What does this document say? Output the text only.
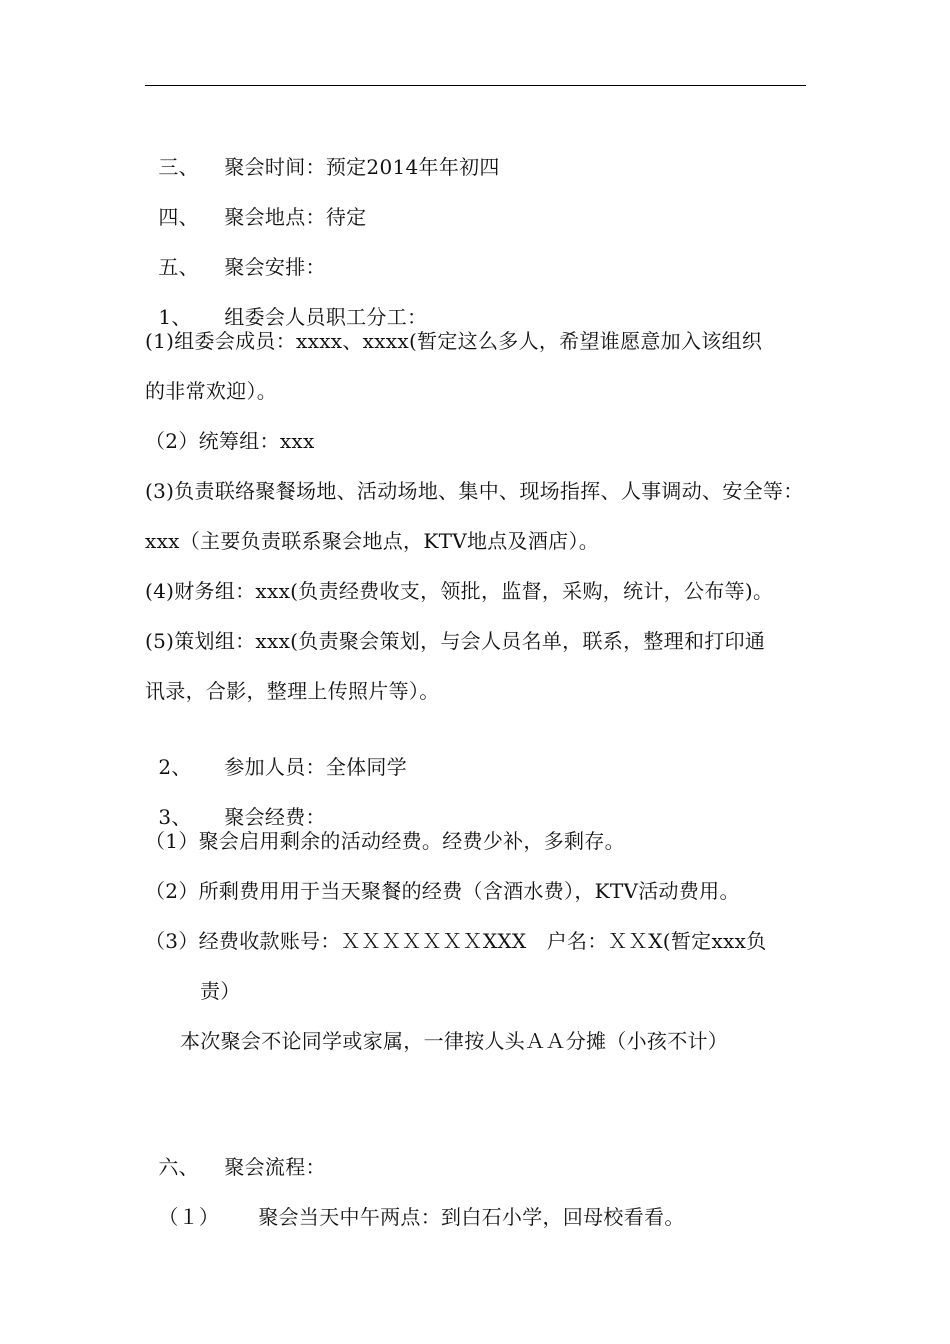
三、 聚会时间：预定2014年年初四

四、 聚会地点：待定

五、 聚会安排：

1、 组委会人员职工分工：

(1)组委会成员：xxxx、xxxx(暂定这么多人，希望谁愿意加入该组织
的非常欢迎）。
（2）统筹组：xxx
(3)负责联络聚餐场地、活动场地、集中、现场指挥、人事调动、安全等：
xxx（主要负责联系聚会地点，KTV地点及酒店）。
(4)财务组：xxx(负责经费收支，领批，监督，采购，统计，公布等)。
(5)策划组：xxx(负责聚会策划，与会人员名单，联系，整理和打印通
讯录，合影，整理上传照片等）。

2、 参加人员：全体同学

3、 聚会经费：

（1）聚会启用剩余的活动经费。经费少补，多剩存。
（2）所剩费用用于当天聚餐的经费（含酒水费），KTV活动费用。
（3）经费收款账号：ＸＸＸＸＸＸＸXXX　户名：ＸＸX(暂定xxx负
责）
本次聚会不论同学或家属，一律按人头ＡＡ分摊（小孩不计）

六、 聚会流程：

（１） 聚会当天中午两点：到白石小学，回母校看看。
